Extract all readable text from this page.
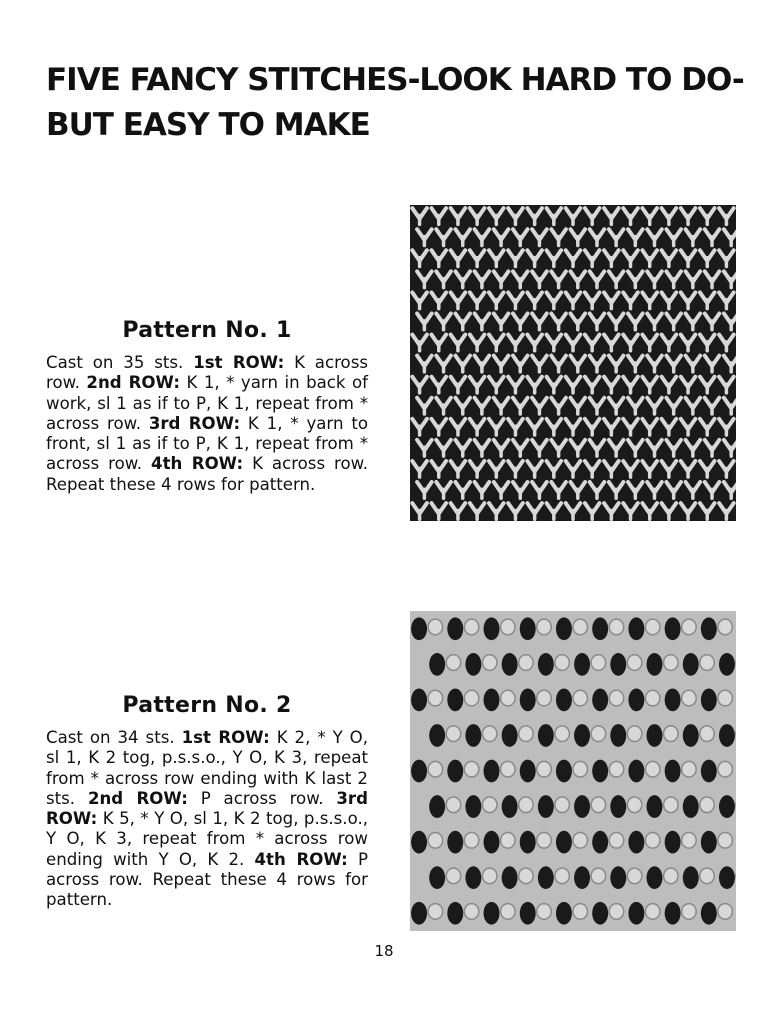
FIVE FANCY STITCHES-LOOK HARD TO DO-
BUT EASY TO MAKE
Pattern No. 1

Cast on 35 sts. 1st ROW: K across row. 2nd ROW: K 1, * yarn in back of work, sl 1 as if to P, K 1, repeat from * across row. 3rd ROW: K 1, * yarn to front, sl 1 as if to P, K 1, repeat from * across row. 4th ROW: K across row. Repeat these 4 rows for pattern.

Pattern No. 2

Cast on 34 sts. 1st ROW: K 2, * Y O, sl 1, K 2 tog, p.s.s.o., Y O, K 3, repeat from * across row ending with K last 2 sts. 2nd ROW: P across row. 3rd ROW: K 5, * Y O, sl 1, K 2 tog, p.s.s.o., Y O, K 3, repeat from * across row ending with Y O, K 2. 4th ROW: P across row. Repeat these 4 rows for pattern.

18
